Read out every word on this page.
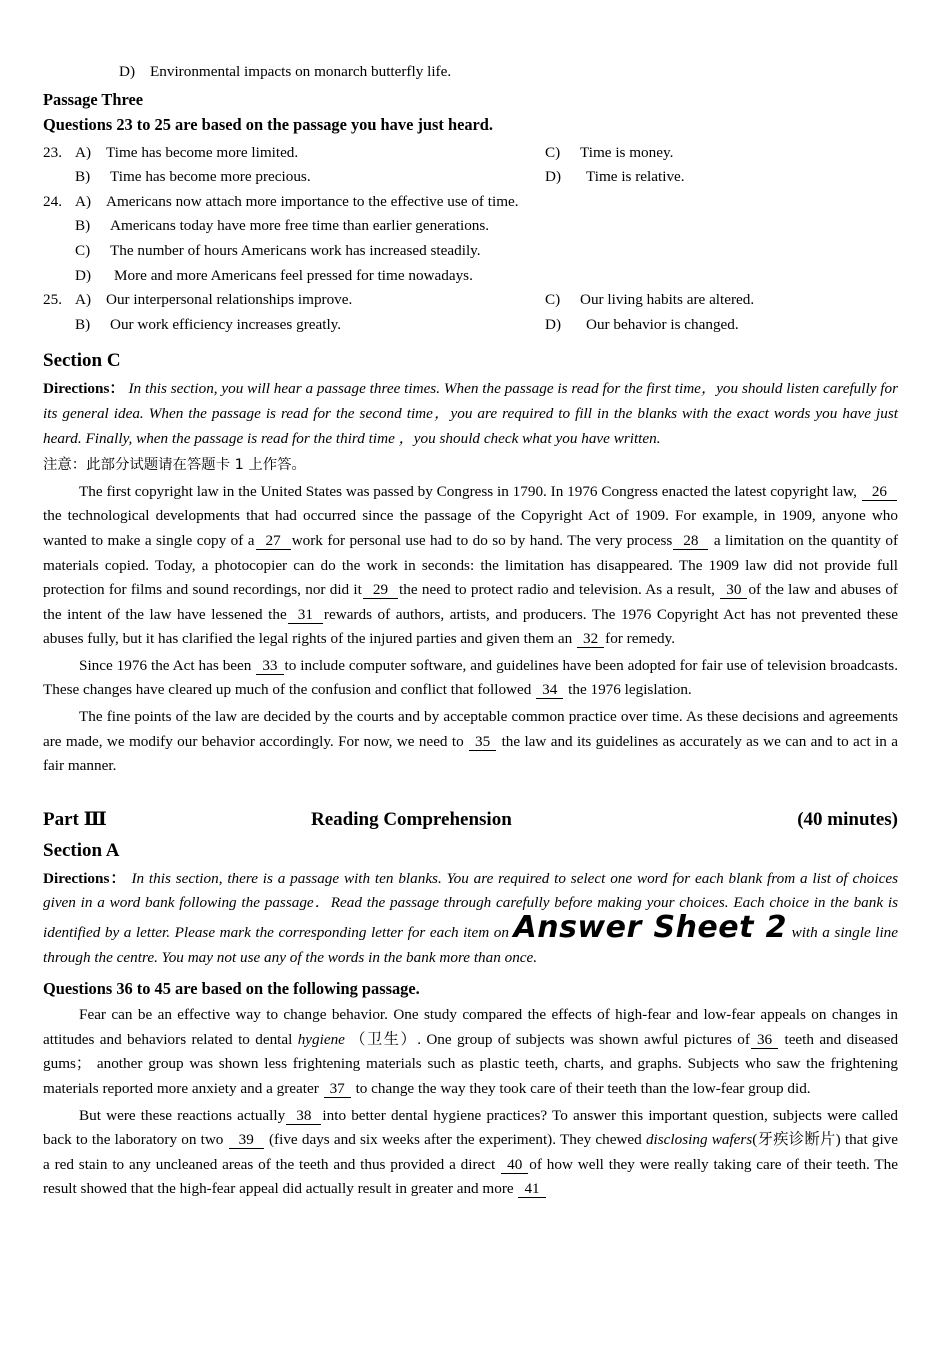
D) Environmental impacts on monarch butterfly life.
Passage Three
Questions 23 to 25 are based on the passage you have just heard.
23. A) Time has become more limited.	C)	Time is money.
B)	Time has become more precious.	D)	Time is relative.
24. A) Americans now attach more importance to the effective use of time.
B)	Americans today have more free time than earlier generations.
C)	The number of hours Americans work has increased steadily.
D)	More and more Americans feel pressed for time nowadays.
25. A) Our interpersonal relationships improve.	C)	Our living habits are altered.
B)	Our work efficiency increases greatly.	D)	Our behavior is changed.
Section C
Directions： In this section, you will hear a passage three times. When the passage is read for the first time，you should listen carefully for its general idea. When the passage is read for the second time，you are required to fill in the blanks with the exact words you have just heard. Finally, when the passage is read for the third time ，you should check what you have written.
注意：此部分试题请在答题卡 1 上作答。

The first copyright law in the United States was passed by Congress in 1790. In 1976 Congress enacted the latest copyright law, 26 the technological developments that had occurred since the passage of the Copyright Act of 1909. For example, in 1909, anyone who wanted to make a single copy of a 27 work for personal use had to do so by hand. The very process 28 a limitation on the quantity of materials copied. Today, a photocopier can do the work in seconds: the limitation has disappeared. The 1909 law did not provide full protection for films and sound recordings, nor did it 29 the need to protect radio and television. As a result, 30 of the law and abuses of the intent of the law have lessened the 31 rewards of authors, artists, and producers. The 1976 Copyright Act has not prevented these abuses fully, but it has clarified the legal rights of the injured parties and given them an 32 for remedy.

Since 1976 the Act has been 33 to include computer software, and guidelines have been adopted for fair use of television broadcasts. These changes have cleared up much of the confusion and conflict that followed 34 the 1976 legislation.

The fine points of the law are decided by the courts and by acceptable common practice over time. As these decisions and agreements are made, we modify our behavior accordingly. For now, we need to 35 the law and its guidelines as accurately as we can and to act in a fair manner.

Part Ⅲ	Reading Comprehension	(40 minutes)
Section A
Directions： In this section, there is a passage with ten blanks. You are required to select one word for each blank from a list of choices given in a word bank following the passage．Read the passage through carefully before making your choices. Each choice in the bank is identified by a letter. Please mark the corresponding letter for each item on Answer Sheet 2 with a single line through the centre. You may not use any of the words in the bank more than once.
Questions 36 to 45 are based on the following passage.

Fear can be an effective way to change behavior. One study compared the effects of high-fear and low-fear appeals on changes in attitudes and behaviors related to dental hygiene （卫生）. One group of subjects was shown awful pictures of 36 teeth and diseased gums； another group was shown less frightening materials such as plastic teeth, charts, and graphs. Subjects who saw the frightening materials reported more anxiety and a greater 37 to change the way they took care of their teeth than the low-fear group did.

But were these reactions actually 38 into better dental hygiene practices? To answer this important question, subjects were called back to the laboratory on two 39 (five days and six weeks after the experiment). They chewed disclosing wafers(牙疾诊断片) that give a red stain to any uncleaned areas of the teeth and thus provided a direct 40 of how well they were really taking care of their teeth. The result showed that the high-fear appeal did actually result in greater and more 41
